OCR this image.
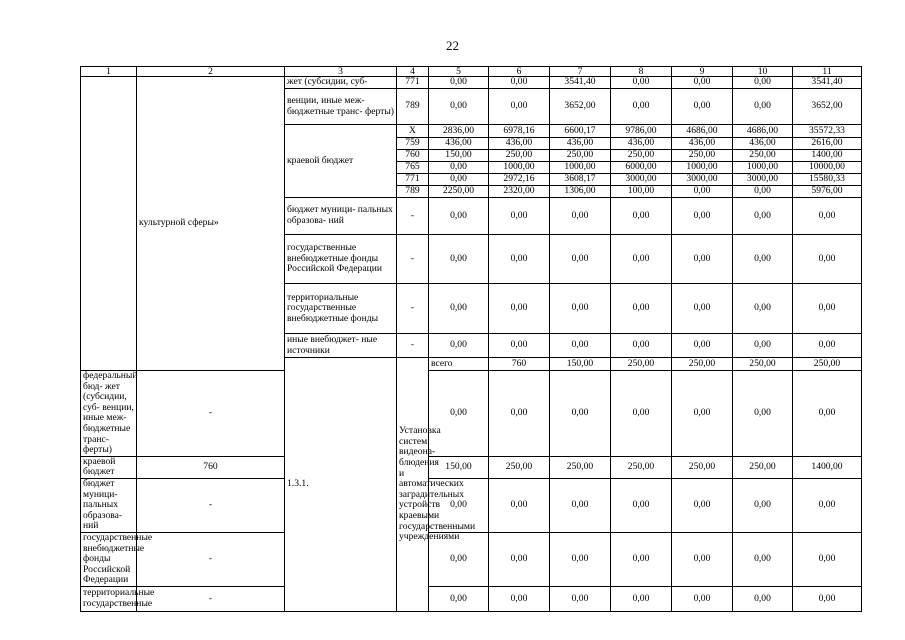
22
1	2	3	4	5	6	7	8	9	10	11	
	культурной сферы»	жет (субсидии, суб-	771	0,00	0,00	3541,40	0,00	0,00	0,00	3541,40	
		венции, иные меж- бюджетные транс- ферты)	789	0,00	0,00	3652,00	0,00	0,00	0,00	3652,00	
		краевой бюджет	X	2836,00	6978,16	6600,17	9786,00	4686,00	4686,00	35572,33	
			759	436,00	436,00	436,00	436,00	436,00	436,00	2616,00	
			760	150,00	250,00	250,00	250,00	250,00	250,00	1400,00	
			765	0,00	1000,00	1000,00	6000,00	1000,00	1000,00	10000,00	
			771	0,00	2972,16	3608,17	3000,00	3000,00	3000,00	15580,33	
			789	2250,00	2320,00	1306,00	100,00	0,00	0,00	5976,00	
		бюджет муници- пальных образова- ний	-	0,00	0,00	0,00	0,00	0,00	0,00	0,00	
		государственные внебюджетные фонды Российской Федерации	-	0,00	0,00	0,00	0,00	0,00	0,00	0,00	
		территориальные государственные внебюджетные фонды	-	0,00	0,00	0,00	0,00	0,00	0,00	0,00	
		иные внебюджет- ные источники	-	0,00	0,00	0,00	0,00	0,00	0,00	0,00	
		1.3.1.	Установка систем видеона- блюдения и автоматических заградительных устройств краевыми государственными учреждениями	всего	760	150,00	250,00	250,00	250,00	250,00		
федеральный бюд- жет (субсидии, суб- венции, иные меж- бюджетные транс- ферты)	-			0,00	0,00	0,00	0,00	0,00	0,00	0,00	
краевой бюджет	760			150,00	250,00	250,00	250,00	250,00	250,00	1400,00	
бюджет муници- пальных образова- ний	-			0,00	0,00	0,00	0,00	0,00	0,00	0,00	
государственные внебюджетные фонды Российской Федерации	-			0,00	0,00	0,00	0,00	0,00	0,00	0,00	
территориальные государственные	-			0,00	0,00	0,00	0,00	0,00	0,00	0,00	
